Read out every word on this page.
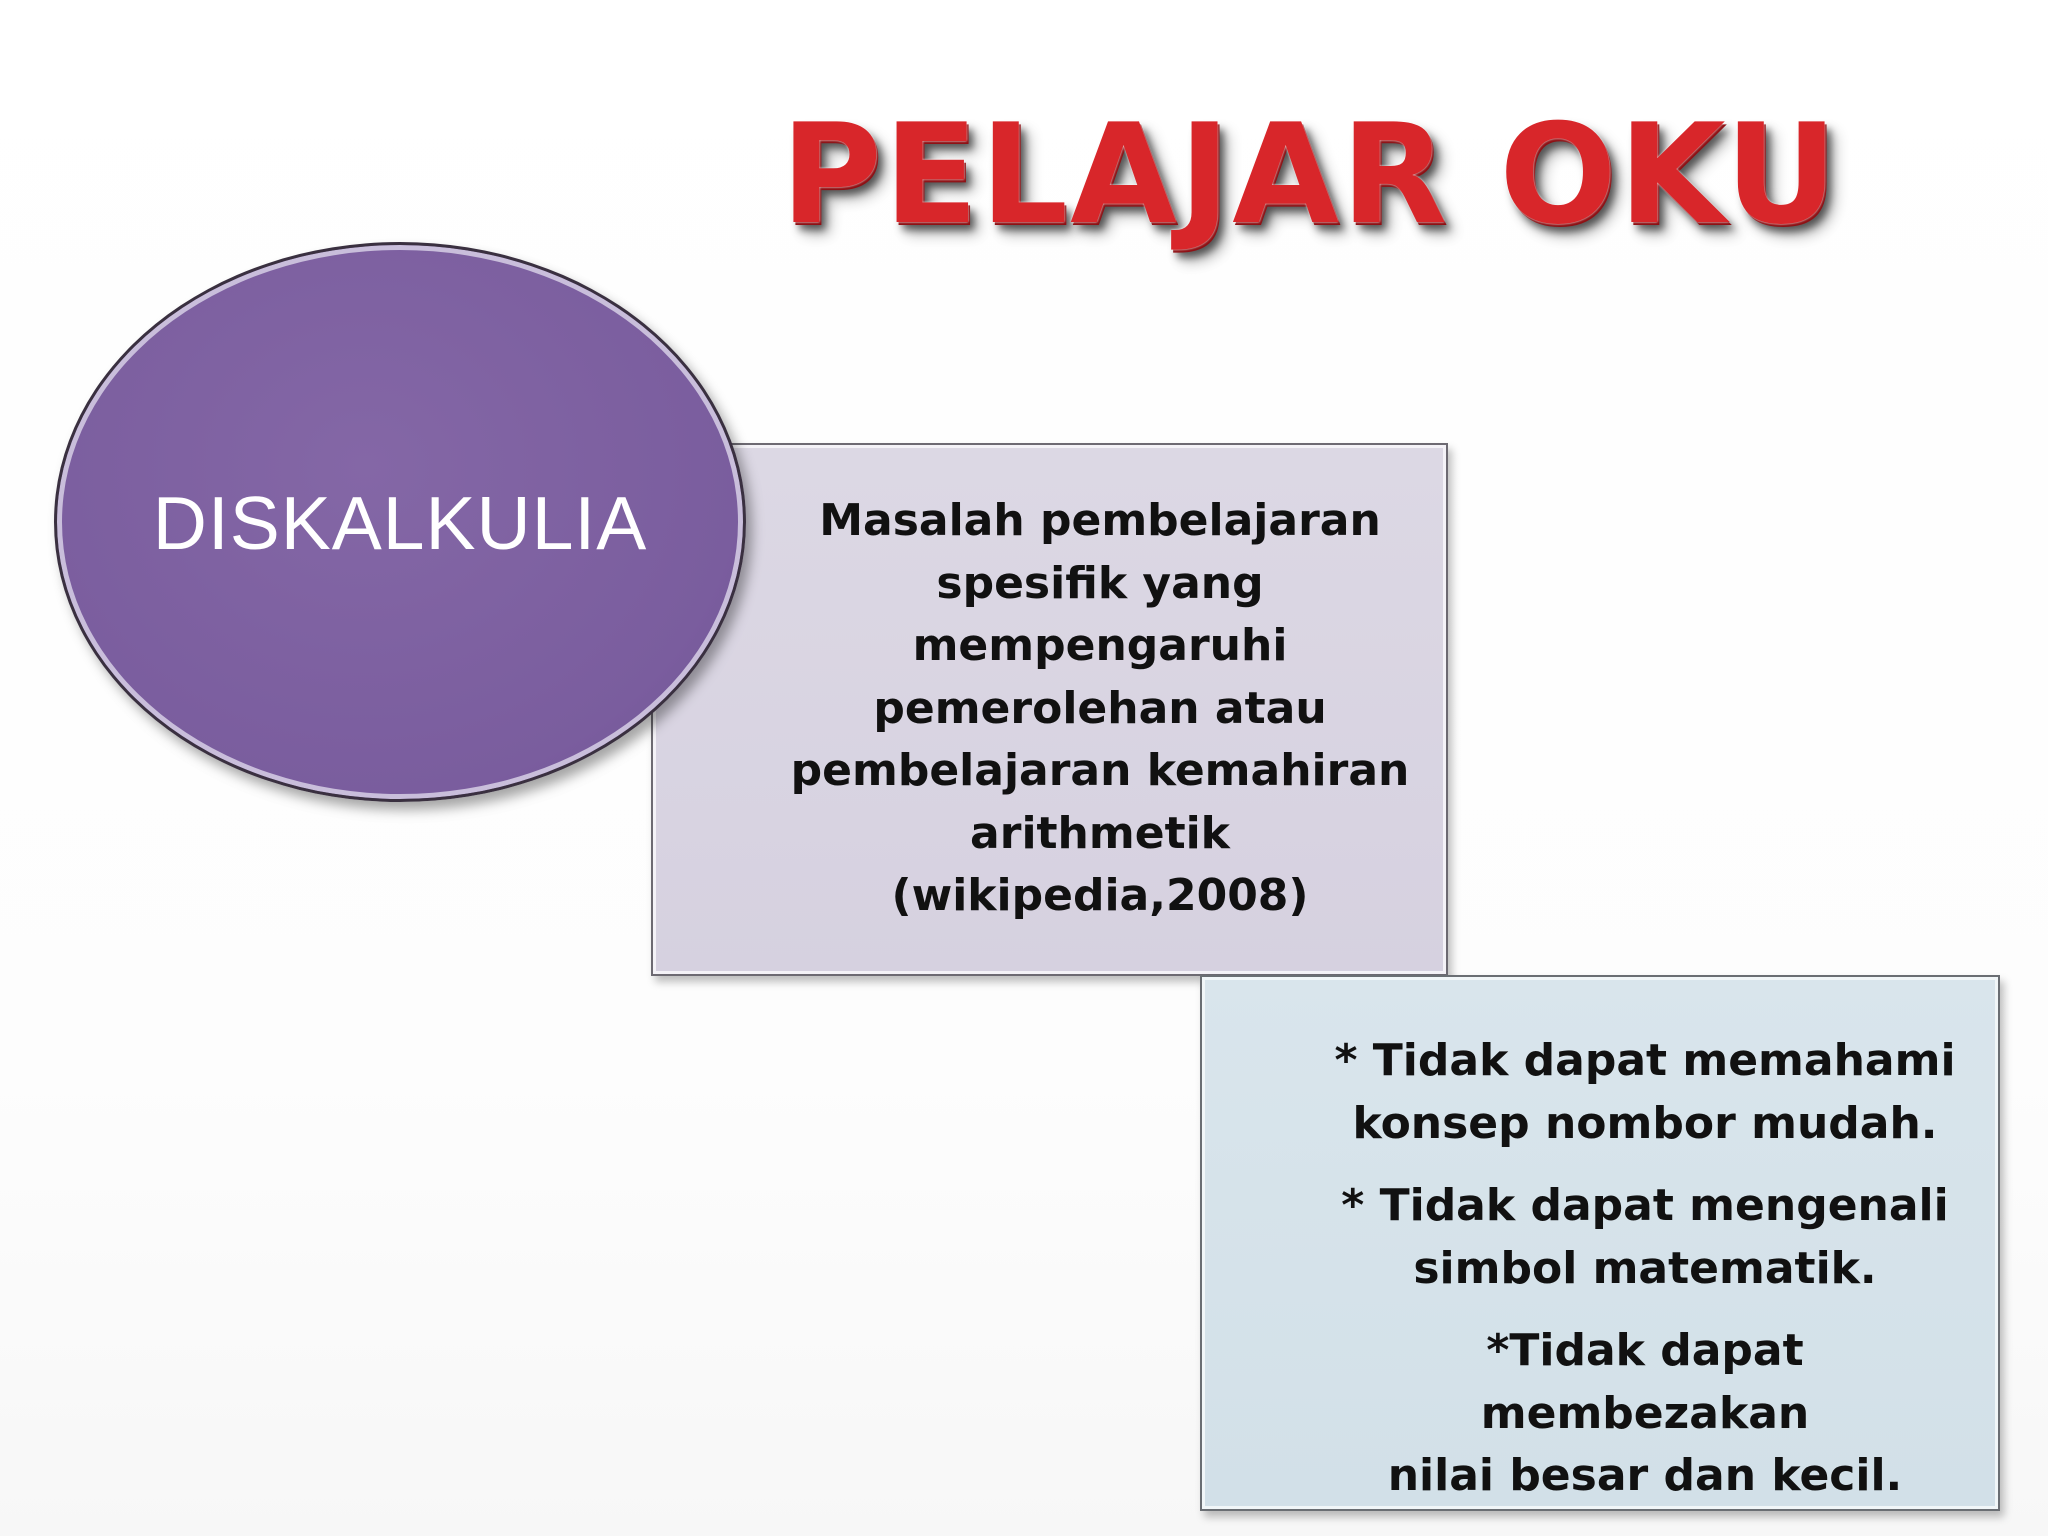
PELAJAR OKU

Masalah pembelajaran
spesifik yang
mempengaruhi
pemerolehan atau
pembelajaran kemahiran
arithmetik
(wikipedia,2008)

DISKALKULIA

* Tidak dapat memahami
konsep nombor mudah.
* Tidak dapat mengenali
simbol matematik.
*Tidak dapat membezakan
nilai besar dan kecil.
